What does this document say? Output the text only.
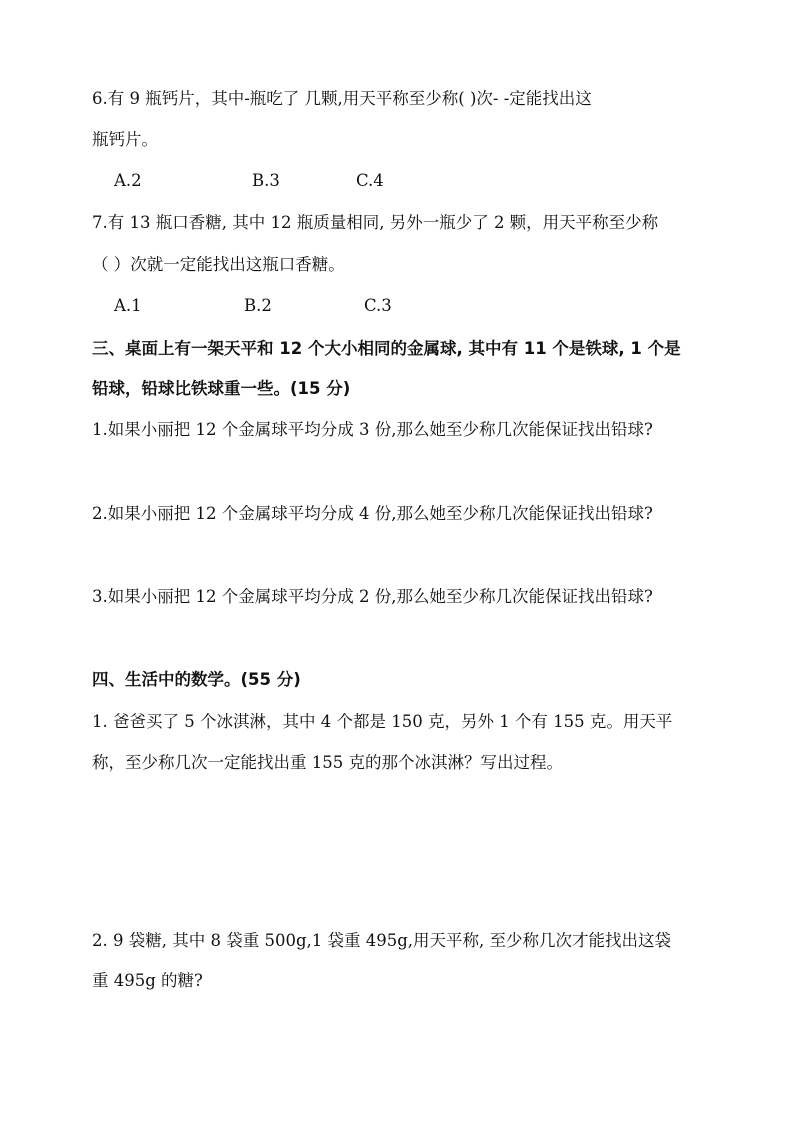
6.有 9 瓶钙片，其中-瓶吃了 几颗,用天平称至少称( )次- -定能找出这
瓶钙片。
A.2	B.3	C.4
7.有 13 瓶口香糖, 其中 12 瓶质量相同, 另外一瓶少了 2 颗，用天平称至少称
（ ）次就一定能找出这瓶口香糖。
A.1	B.2	C.3
三、桌面上有一架天平和 12 个大小相同的金属球, 其中有 11 个是铁球, 1 个是
铅球，铅球比铁球重一些。(15 分)
1.如果小丽把 12 个金属球平均分成 3 份,那么她至少称几次能保证找出铅球?
2.如果小丽把 12 个金属球平均分成 4 份,那么她至少称几次能保证找出铅球?
3.如果小丽把 12 个金属球平均分成 2 份,那么她至少称几次能保证找出铅球?
四、生活中的数学。(55 分)
1. 爸爸买了 5 个冰淇淋，其中 4 个都是 150 克，另外 1 个有 155 克。用天平
称，至少称几次一定能找出重 155 克的那个冰淇淋？写出过程。
2. 9 袋糖, 其中 8 袋重 500g,1 袋重 495g,用天平称, 至少称几次才能找出这袋
重 495g 的糖?
